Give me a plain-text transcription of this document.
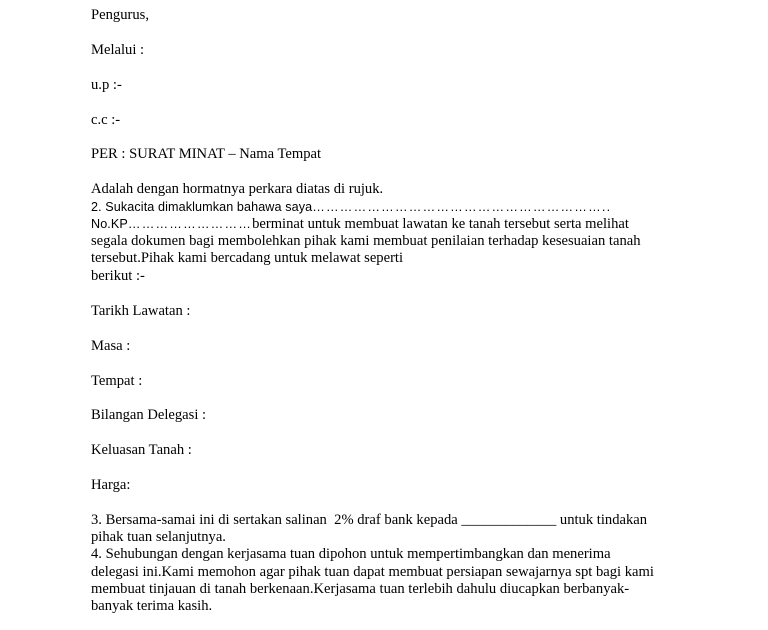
Pengurus,

Melalui :

u.p :-

c.c :-

PER : SURAT MINAT – Nama Tempat

Adalah dengan hormatnya perkara diatas di rujuk.

2. Sukacita dimaklumkan bahawa saya………………………………………………………..

No.KP………………………berminat untuk membuat lawatan ke tanah tersebut serta melihat

segala dokumen bagi membolehkan pihak kami membuat penilaian terhadap kesesuaian tanah

tersebut.Pihak kami bercadang untuk melawat seperti

berikut :-

Tarikh Lawatan :

Masa :

Tempat :

Bilangan Delegasi :

Keluasan Tanah :

Harga:

3. Bersama-samai ini di sertakan salinan  2% draf bank kepada _____________ untuk tindakan

pihak tuan selanjutnya.

4. Sehubungan dengan kerjasama tuan dipohon untuk mempertimbangkan dan menerima

delegasi ini.Kami memohon agar pihak tuan dapat membuat persiapan sewajarnya spt bagi kami

membuat tinjauan di tanah berkenaan.Kerjasama tuan terlebih dahulu diucapkan berbanyak-

banyak terima kasih.
